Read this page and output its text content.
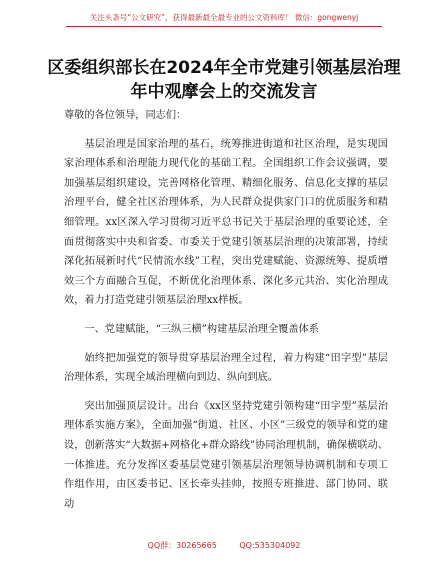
关注头条号“公文研究”，获得最新最全最专业的公文资料库！ 微信：gongwenyj
区委组织部长在2024年全市党建引领基层治理
年中观摩会上的交流发言

尊敬的各位领导，同志们：

基层治理是国家治理的基石，统筹推进街道和社区治理，是实现国家治理体系和治理能力现代化的基础工程。全国组织工作会议强调，要加强基层组织建设，完善网格化管理、精细化服务、信息化支撑的基层治理平台，健全社区治理体系，为人民群众提供家门口的优质服务和精细管理。xx区深入学习贯彻习近平总书记关于基层治理的重要论述，全面贯彻落实中央和省委、市委关于党建引领基层治理的决策部署，持续深化拓展新时代“民情流水线”工程，突出党建赋能、资源统筹、提质增效三个方面融合互促，不断优化治理体系、深化多元共治、实化治理成效，着力打造党建引领基层治理xx样板。

一、党建赋能，“三纵三横”构建基层治理全覆盖体系

始终把加强党的领导贯穿基层治理全过程，着力构建“田字型”基层治理体系，实现全域治理横向到边、纵向到底。

突出加强顶层设计。出台《xx区坚持党建引领构建“田字型”基层治理体系实施方案》，全面加强“街道、社区、小区”三级党的领导和党的建设，创新落实“大数据+网格化+群众路线”协同治理机制，确保横联动、一体推进。充分发挥区委基层党建引领基层治理领导协调机制和专项工作组作用，由区委书记、区长牵头挂帅，按照专班推进、部门协同、联动

QQ群：30265665	QQ:535304092
